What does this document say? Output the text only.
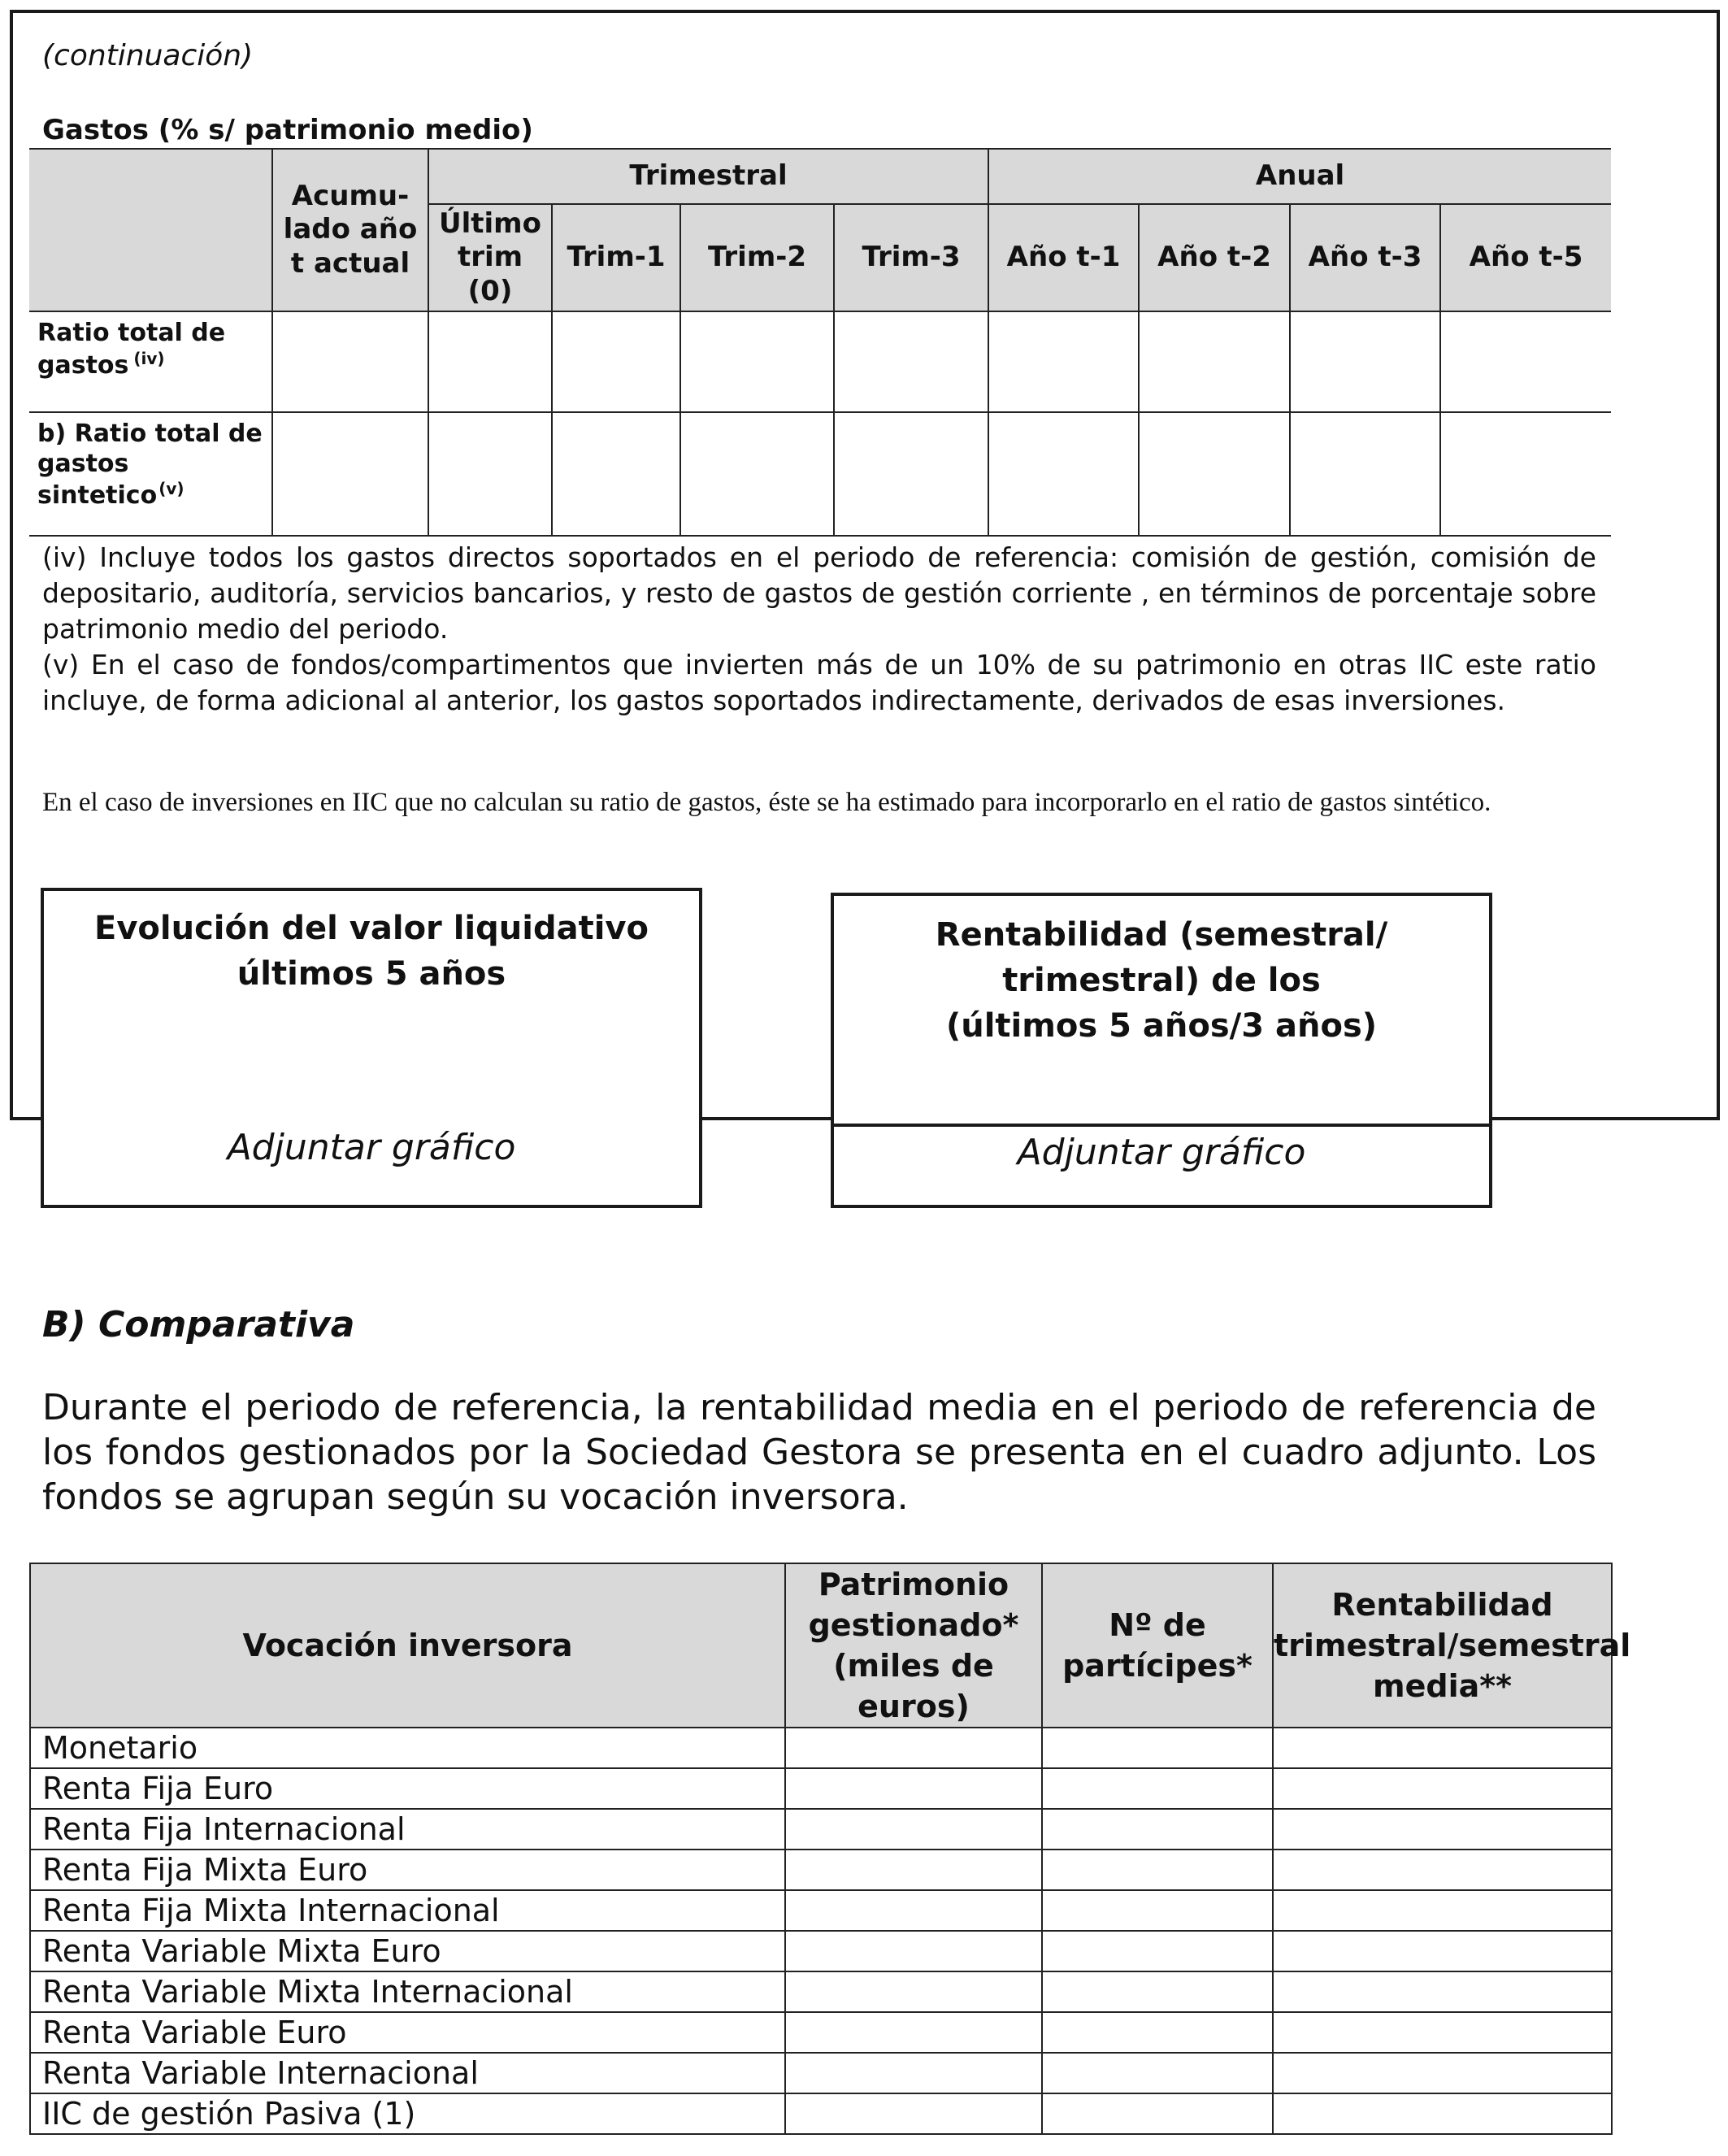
(continuación)
Gastos (% s/ patrimonio medio)
	Acumu-
lado año
t actual	Trimestral				Anual			
		Último
trim
(0)	Trim-1	Trim-2	Trim-3	Año t-1	Año t-2	Año t-3	Año t-5
Ratio total de
gastos $^{(iv)}$									
b) Ratio total de
gastos sintetico $^{(v)}$									

(iv) Incluye todos los gastos directos soportados en el periodo de referencia: comisión de gestión, comisión de depositario, auditoría, servicios bancarios, y resto de gastos de gestión corriente , en términos de porcentaje sobre patrimonio medio del periodo.

(v) En el caso de fondos/compartimentos que invierten más de un 10% de su patrimonio en otras IIC este ratio incluye, de forma adicional al anterior, los gastos soportados indirectamente, derivados de esas inversiones.

En el caso de inversiones en IIC que no calculan su ratio de gastos, éste se ha estimado para incorporarlo en el ratio de gastos sintético.
Evolución del valor liquidativo
últimos 5 años
Adjuntar gráfico
Rentabilidad (semestral/
trimestral) de los
(últimos 5 años/3 años)
Adjuntar gráfico
B) Comparativa
Durante el periodo de referencia, la rentabilidad media en el periodo de referencia de los fondos gestionados por la Sociedad Gestora se presenta en el cuadro adjunto. Los fondos se agrupan según su vocación inversora.
Vocación inversora	Patrimonio
gestionado*
(miles de
euros)	Nº de
partícipes*	Rentabilidad
trimestral/semestral
media**
Monetario			
Renta Fija Euro			
Renta Fija Internacional			
Renta Fija Mixta Euro			
Renta Fija Mixta Internacional			
Renta Variable Mixta Euro			
Renta Variable Mixta Internacional			
Renta Variable Euro			
Renta Variable Internacional			
IIC de gestión Pasiva (1)			
